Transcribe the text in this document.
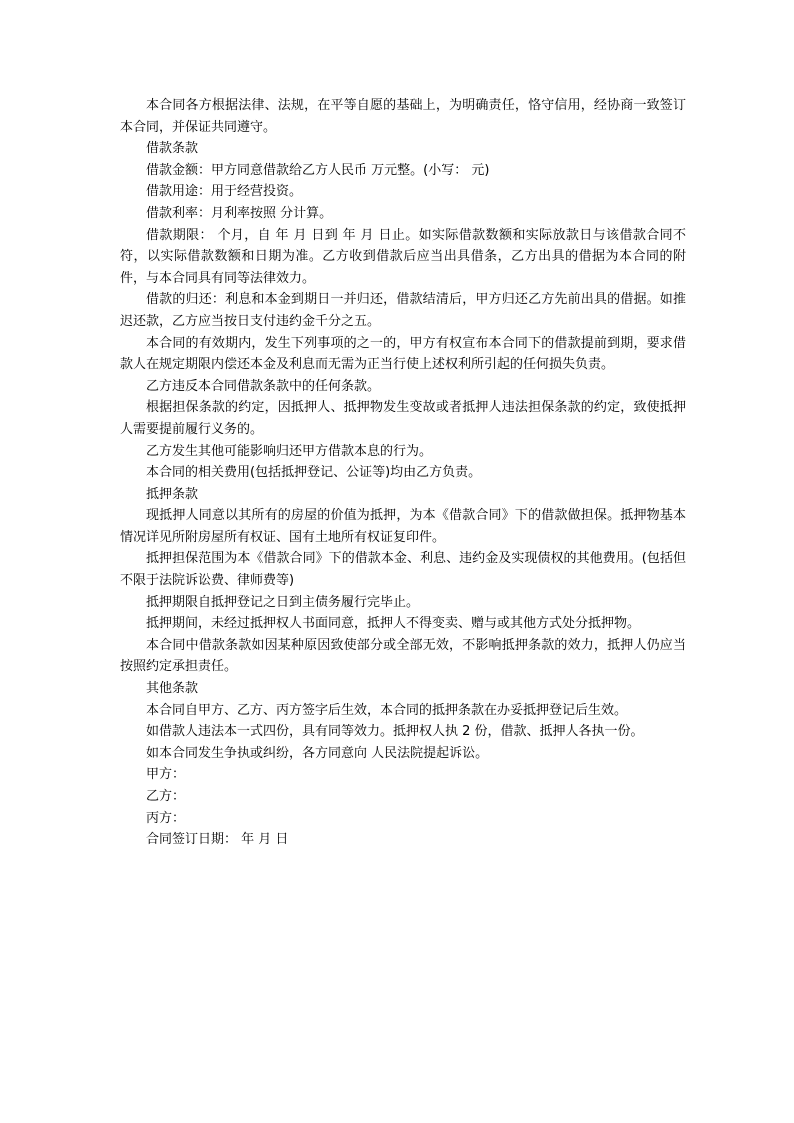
本合同各方根据法律、法规，在平等自愿的基础上，为明确责任，恪守信用，经协商一致签订本合同，并保证共同遵守。

借款条款

借款金额：甲方同意借款给乙方人民币 万元整。(小写： 元)

借款用途：用于经营投资。

借款利率：月利率按照 分计算。

借款期限： 个月，自 年 月 日到 年 月 日止。如实际借款数额和实际放款日与该借款合同不符，以实际借款数额和日期为准。乙方收到借款后应当出具借条，乙方出具的借据为本合同的附件，与本合同具有同等法律效力。

借款的归还：利息和本金到期日一并归还，借款结清后，甲方归还乙方先前出具的借据。如推迟还款，乙方应当按日支付违约金千分之五。

本合同的有效期内，发生下列事项的之一的，甲方有权宣布本合同下的借款提前到期，要求借款人在规定期限内偿还本金及利息而无需为正当行使上述权利所引起的任何损失负责。

乙方违反本合同借款条款中的任何条款。

根据担保条款的约定，因抵押人、抵押物发生变故或者抵押人违法担保条款的约定，致使抵押人需要提前履行义务的。

乙方发生其他可能影响归还甲方借款本息的行为。

本合同的相关费用(包括抵押登记、公证等)均由乙方负责。

抵押条款

现抵押人同意以其所有的房屋的价值为抵押，为本《借款合同》下的借款做担保。抵押物基本情况详见所附房屋所有权证、国有土地所有权证复印件。

抵押担保范围为本《借款合同》下的借款本金、利息、违约金及实现债权的其他费用。(包括但不限于法院诉讼费、律师费等)

抵押期限自抵押登记之日到主债务履行完毕止。

抵押期间，未经过抵押权人书面同意，抵押人不得变卖、赠与或其他方式处分抵押物。

本合同中借款条款如因某种原因致使部分或全部无效，不影响抵押条款的效力，抵押人仍应当按照约定承担责任。

其他条款

本合同自甲方、乙方、丙方签字后生效，本合同的抵押条款在办妥抵押登记后生效。

如借款人违法本一式四份，具有同等效力。抵押权人执 2 份，借款、抵押人各执一份。

如本合同发生争执或纠纷，各方同意向 人民法院提起诉讼。

甲方：

乙方：

丙方：

合同签订日期： 年 月 日
